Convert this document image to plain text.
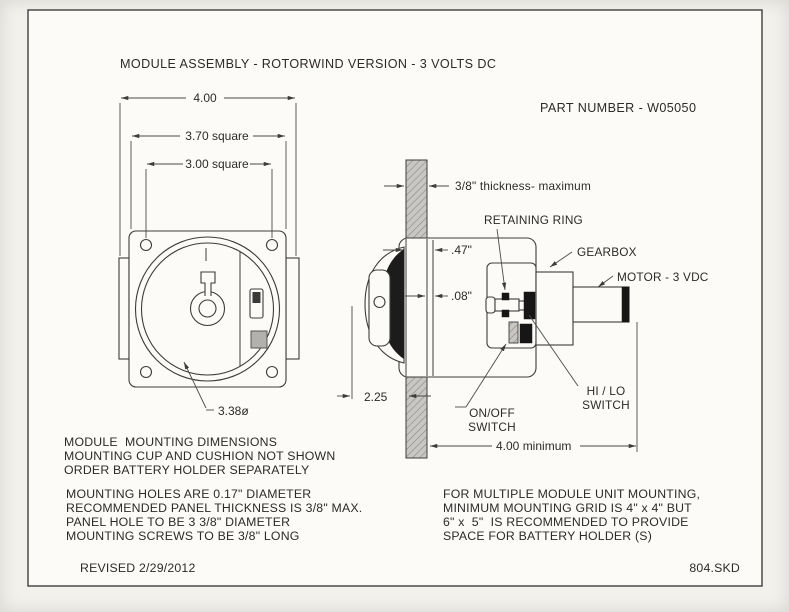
MODULE ASSEMBLY - ROTORWIND VERSION - 3 VOLTS DC
PART NUMBER - W05050
4.00
3.70 square
3.00 square
3.38ø
3/8" thickness- maximum
RETAINING RING
GEARBOX
MOTOR - 3 VDC
.47"
.08"
2.25	HI / LO
SWITCH
ON/OFF
SWITCH
4.00 minimum
MODULE  MOUNTING DIMENSIONS
MOUNTING CUP AND CUSHION NOT SHOWN
ORDER BATTERY HOLDER SEPARATELY
MOUNTING HOLES ARE 0.17" DIAMETER
RECOMMENDED PANEL THICKNESS IS 3/8" MAX.
PANEL HOLE TO BE 3 3/8" DIAMETER
MOUNTING SCREWS TO BE 3/8" LONG
FOR MULTIPLE MODULE UNIT MOUNTING,
MINIMUM MOUNTING GRID IS 4" x 4" BUT
6" x  5"  IS RECOMMENDED TO PROVIDE
SPACE FOR BATTERY HOLDER (S)
REVISED 2/29/2012	804.SKD
